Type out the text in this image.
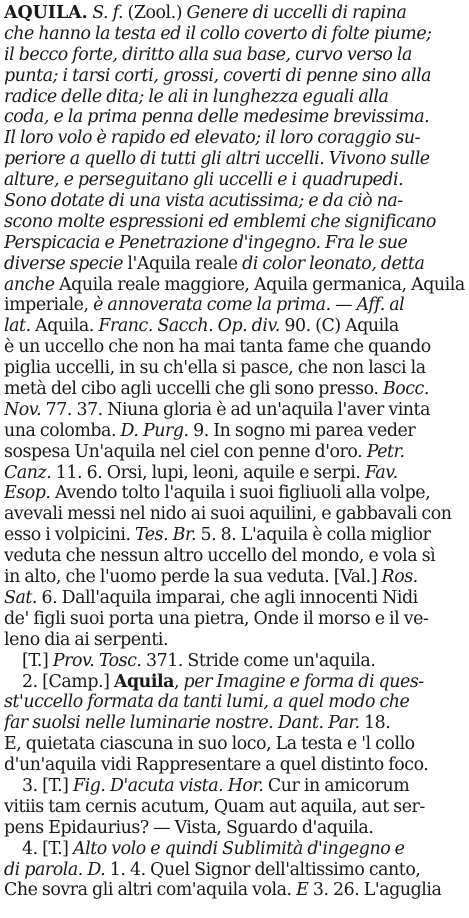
AQUILA. S. f. (Zool.) Genere di uccelli di rapina
che hanno la testa ed il collo coverto di folte piume;
il becco forte, diritto alla sua base, curvo verso la
punta; i tarsi corti, grossi, coverti di penne sino alla
radice delle dita; le ali in lunghezza eguali alla
coda, e la prima penna delle medesime brevissima.
Il loro volo è rapido ed elevato; il loro coraggio su-
periore a quello di tutti gli altri uccelli. Vivono sulle
alture, e perseguitano gli uccelli e i quadrupedi.
Sono dotate di una vista acutissima; e da ciò na-
scono molte espressioni ed emblemi che significano
Perspicacia e Penetrazione d'ingegno. Fra le sue
diverse specie l'Aquila reale di color leonato, detta
anche Aquila reale maggiore, Aquila germanica, Aquila
imperiale, è annoverata come la prima. — Aff. al
lat. Aquila. Franc. Sacch. Op. div. 90. (C) Aquila
è un uccello che non ha mai tanta fame che quando
piglia uccelli, in su ch'ella si pasce, che non lasci la
metà del cibo agli uccelli che gli sono presso. Bocc.
Nov. 77. 37. Niuna gloria è ad un'aquila l'aver vinta
una colomba. D. Purg. 9. In sogno mi parea veder
sospesa Un'aquila nel ciel con penne d'oro. Petr.
Canz. 11. 6. Orsi, lupi, leoni, aquile e serpi. Fav.
Esop. Avendo tolto l'aquila i suoi figliuoli alla volpe,
avevali messi nel nido ai suoi aquilini, e gabbavali con
esso i volpicini. Tes. Br. 5. 8. L'aquila è colla miglior
veduta che nessun altro uccello del mondo, e vola sì
in alto, che l'uomo perde la sua veduta. [Val.] Ros.
Sat. 6. Dall'aquila imparai, che agli innocenti Nidi
de' figli suoi porta una pietra, Onde il morso e il ve-
leno dia ai serpenti.
[T.] Prov. Tosc. 371. Stride come un'aquila.
2. [Camp.] Aquila, per Imagine e forma di ques-
st'uccello formata da tanti lumi, a quel modo che
far suolsi nelle luminarie nostre. Dant. Par. 18.
E, quietata ciascuna in suo loco, La testa e 'l collo
d'un'aquila vidi Rappresentare a quel distinto foco.
3. [T.] Fig. D'acuta vista. Hor. Cur in amicorum
vitiis tam cernis acutum, Quam aut aquila, aut ser-
pens Epidaurius? — Vista, Sguardo d'aquila.
4. [T.] Alto volo e quindi Sublimità d'ingegno e
di parola. D. 1. 4. Quel Signor dell'altissimo canto,
Che sovra gli altri com'aquila vola. E 3. 26. L'aguglia
